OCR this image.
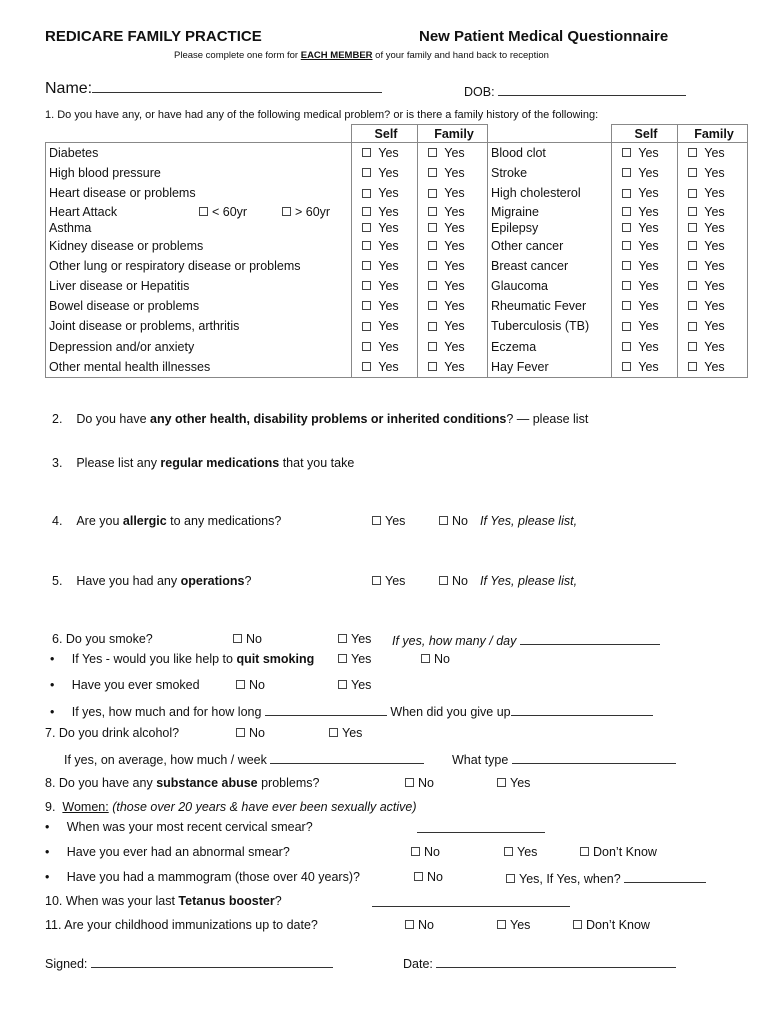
REDICARE FAMILY PRACTICE	New Patient Medical Questionnaire
Please complete one form for EACH MEMBER of your family and hand back to reception
Name:	DOB:
1. Do you have any, or have had any of the following medical problem? or is there a family history of the following:
	Self	Family		Self	Family
Diabetes	Yes	Yes	Blood clot	Yes	Yes
High blood pressure	Yes	Yes	Stroke	Yes	Yes
Heart disease or problems	Yes	Yes	High cholesterol	Yes	Yes
Heart Attack < 60yr > 60yr	Yes	Yes	Migraine	Yes	Yes
Asthma	Yes	Yes	Epilepsy	Yes	Yes
Kidney disease or problems	Yes	Yes	Other cancer	Yes	Yes
Other lung or respiratory disease or problems	Yes	Yes	Breast cancer	Yes	Yes
Liver disease or Hepatitis	Yes	Yes	Glaucoma	Yes	Yes
Bowel disease or problems	Yes	Yes	Rheumatic Fever	Yes	Yes
Joint disease or problems, arthritis	Yes	Yes	Tuberculosis (TB)	Yes	Yes
Depression and/or anxiety	Yes	Yes	Eczema	Yes	Yes
Other mental health illnesses	Yes	Yes	Hay Fever	Yes	Yes
2. Do you have any other health, disability problems or inherited conditions? — please list
3. Please list any regular medications that you take
4. Are you allergic to any medications?	Yes	No If Yes, please list,
5. Have you had any operations?	Yes	No If Yes, please list,
6. Do you smoke?	No	Yes If yes, how many / day
•     If Yes - would you like help to quit smoking	Yes	No
•     Have you ever smoked	No	Yes
•     If yes, how much and for how long	When did you give up
7. Do you drink alcohol?	No	Yes
If yes, on average, how much / week	What type
8. Do you have any substance abuse problems?	No	Yes
9. Women: (those over 20 years & have ever been sexually active)
•     When was your most recent cervical smear?
•     Have you ever had an abnormal smear?	No	Yes	Don’t Know
•     Have you had a mammogram (those over 40 years)?	No	Yes, If Yes, when?
10. When was your last Tetanus booster?
11. Are your childhood immunizations up to date?	No	Yes	Don’t Know
Signed:	Date:
